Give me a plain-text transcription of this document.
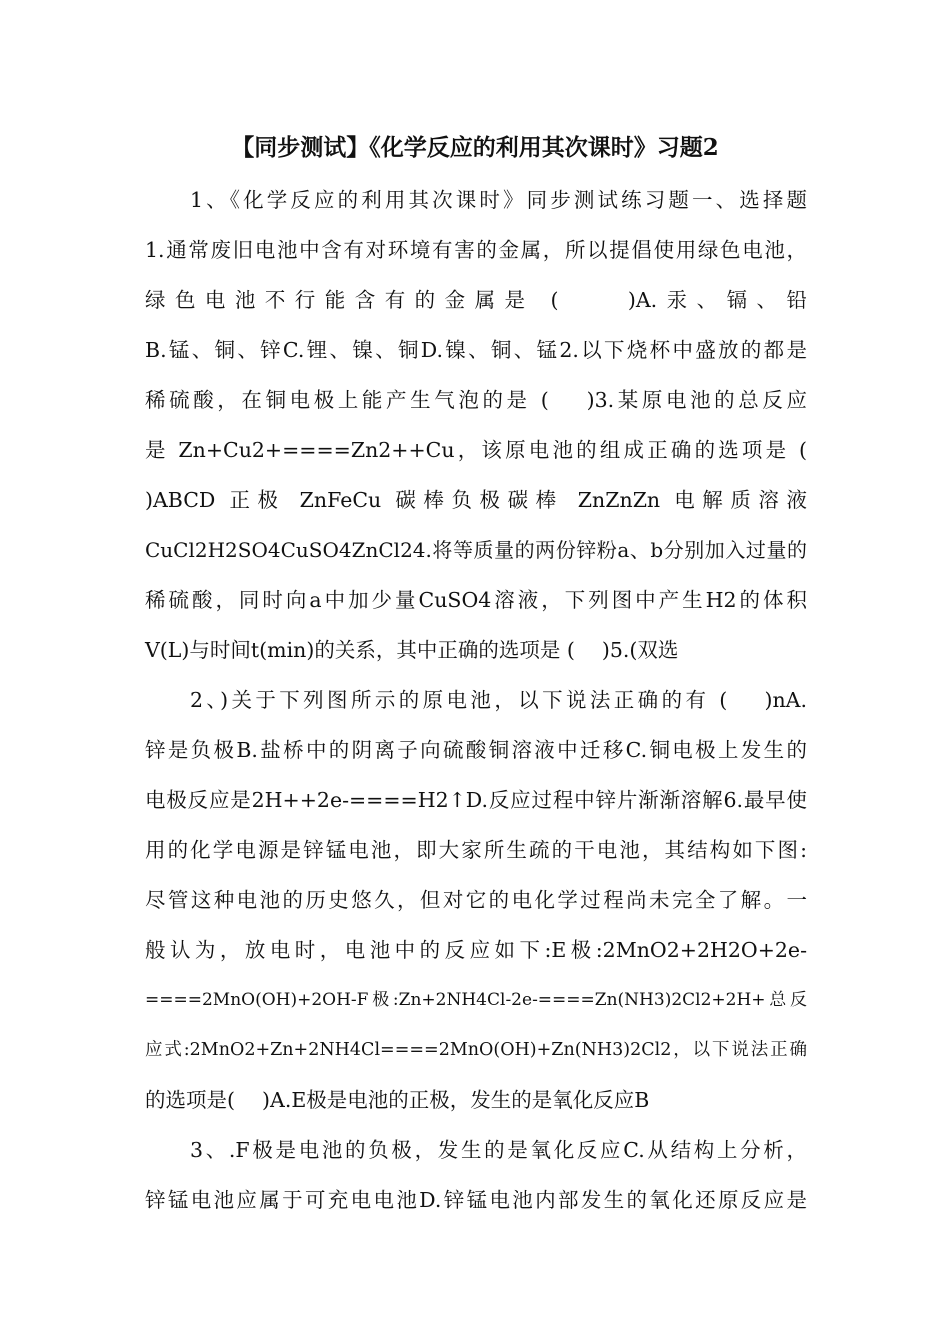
【同步测试】《化学反应的利用其次课时》习题2
1、《化学反应的利用其次课时》同步测试练习题一、选择题
1.通常废旧电池中含有对环境有害的金属，所以提倡使用绿色电池，
绿色电池不行能含有的金属是 (　　)A.汞、镉、铅
B.锰、铜、锌C.锂、镍、铜D.镍、铜、锰2.以下烧杯中盛放的都是
稀硫酸，在铜电极上能产生气泡的是 (　 )3.某原电池的总反应
是 Zn+Cu2+====Zn2++Cu，该原电池的组成正确的选项是 (
)ABCD 正极 ZnFeCu 碳棒负极碳棒 ZnZnZn 电解质溶液
CuCl2H2SO4CuSO4ZnCl24.将等质量的两份锌粉a、b分别加入过量的
稀硫酸，同时向a中加少量CuSO4溶液，下列图中产生H2的体积
V(L)与时间t(min)的关系，其中正确的选项是 (　 )5.(双选
2、)关于下列图所示的原电池，以下说法正确的有 (　 )nA.
锌是负极B.盐桥中的阴离子向硫酸铜溶液中迁移C.铜电极上发生的
电极反应是2H++2e-====H2↑D.反应过程中锌片渐渐溶解6.最早使
用的化学电源是锌锰电池，即大家所生疏的干电池，其结构如下图:
尽管这种电池的历史悠久，但对它的电化学过程尚未完全了解。一
般认为，放电时，电池中的反应如下:E极:2MnO2+2H2O+2e-
====2MnO(OH)+2OH-F极:Zn+2NH4Cl-2e-====Zn(NH3)2Cl2+2H+总反
应式:2MnO2+Zn+2NH4Cl====2MnO(OH)+Zn(NH3)2Cl2，以下说法正确
的选项是(　 )A.E极是电池的正极，发生的是氧化反应B
3、.F极是电池的负极，发生的是氧化反应C.从结构上分析，
锌锰电池应属于可充电电池D.锌锰电池内部发生的氧化还原反应是
